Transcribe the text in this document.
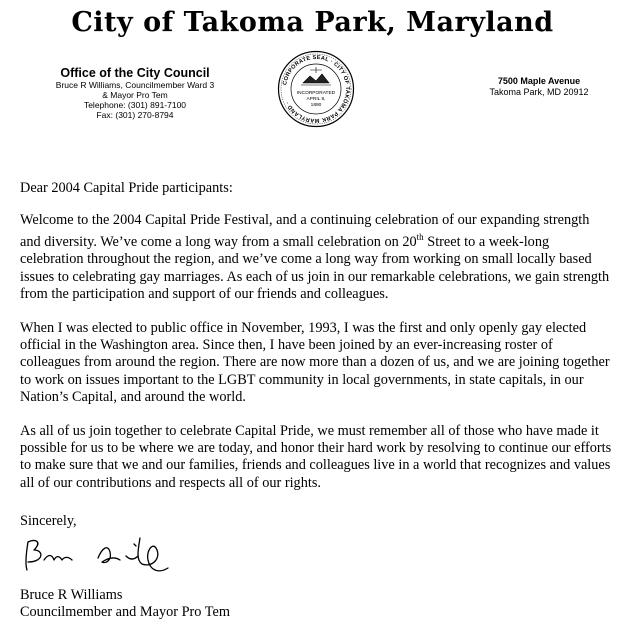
City of Takoma Park, Maryland
Office of the City Council
Bruce R Williams, Councilmember Ward 3
& Mayor Pro Tem
Telephone: (301) 891-7100
Fax: (301) 270-8794
CORPORATE SEAL · CITY OF TAKOMA PARK MARYLAND ·
INCORPORATED
APRIL 8,
1890
7500 Maple Avenue
Takoma Park, MD 20912

Dear 2004 Capital Pride participants:

Welcome to the 2004 Capital Pride Festival, and a continuing celebration of our expanding strength and diversity. We’ve come a long way from a small celebration on 20th Street to a week-long celebration throughout the region, and we’ve come a long way from working on small locally based issues to celebrating gay marriages. As each of us join in our remarkable celebrations, we gain strength from the participation and support of our friends and colleagues.

When I was elected to public office in November, 1993, I was the first and only openly gay elected official in the Washington area. Since then, I have been joined by an ever-increasing roster of colleagues from around the region. There are now more than a dozen of us, and we are joining together to work on issues important to the LGBT community in local governments, in state capitals, in our Nation’s Capital, and around the world.

As all of us join together to celebrate Capital Pride, we must remember all of those who have made it possible for us to be where we are today, and honor their hard work by resolving to continue our efforts to make sure that we and our families, friends and colleagues live in a world that recognizes and values all of our contributions and respects all of our rights.

Sincerely,
Bruce R Williams
Councilmember and Mayor Pro Tem
